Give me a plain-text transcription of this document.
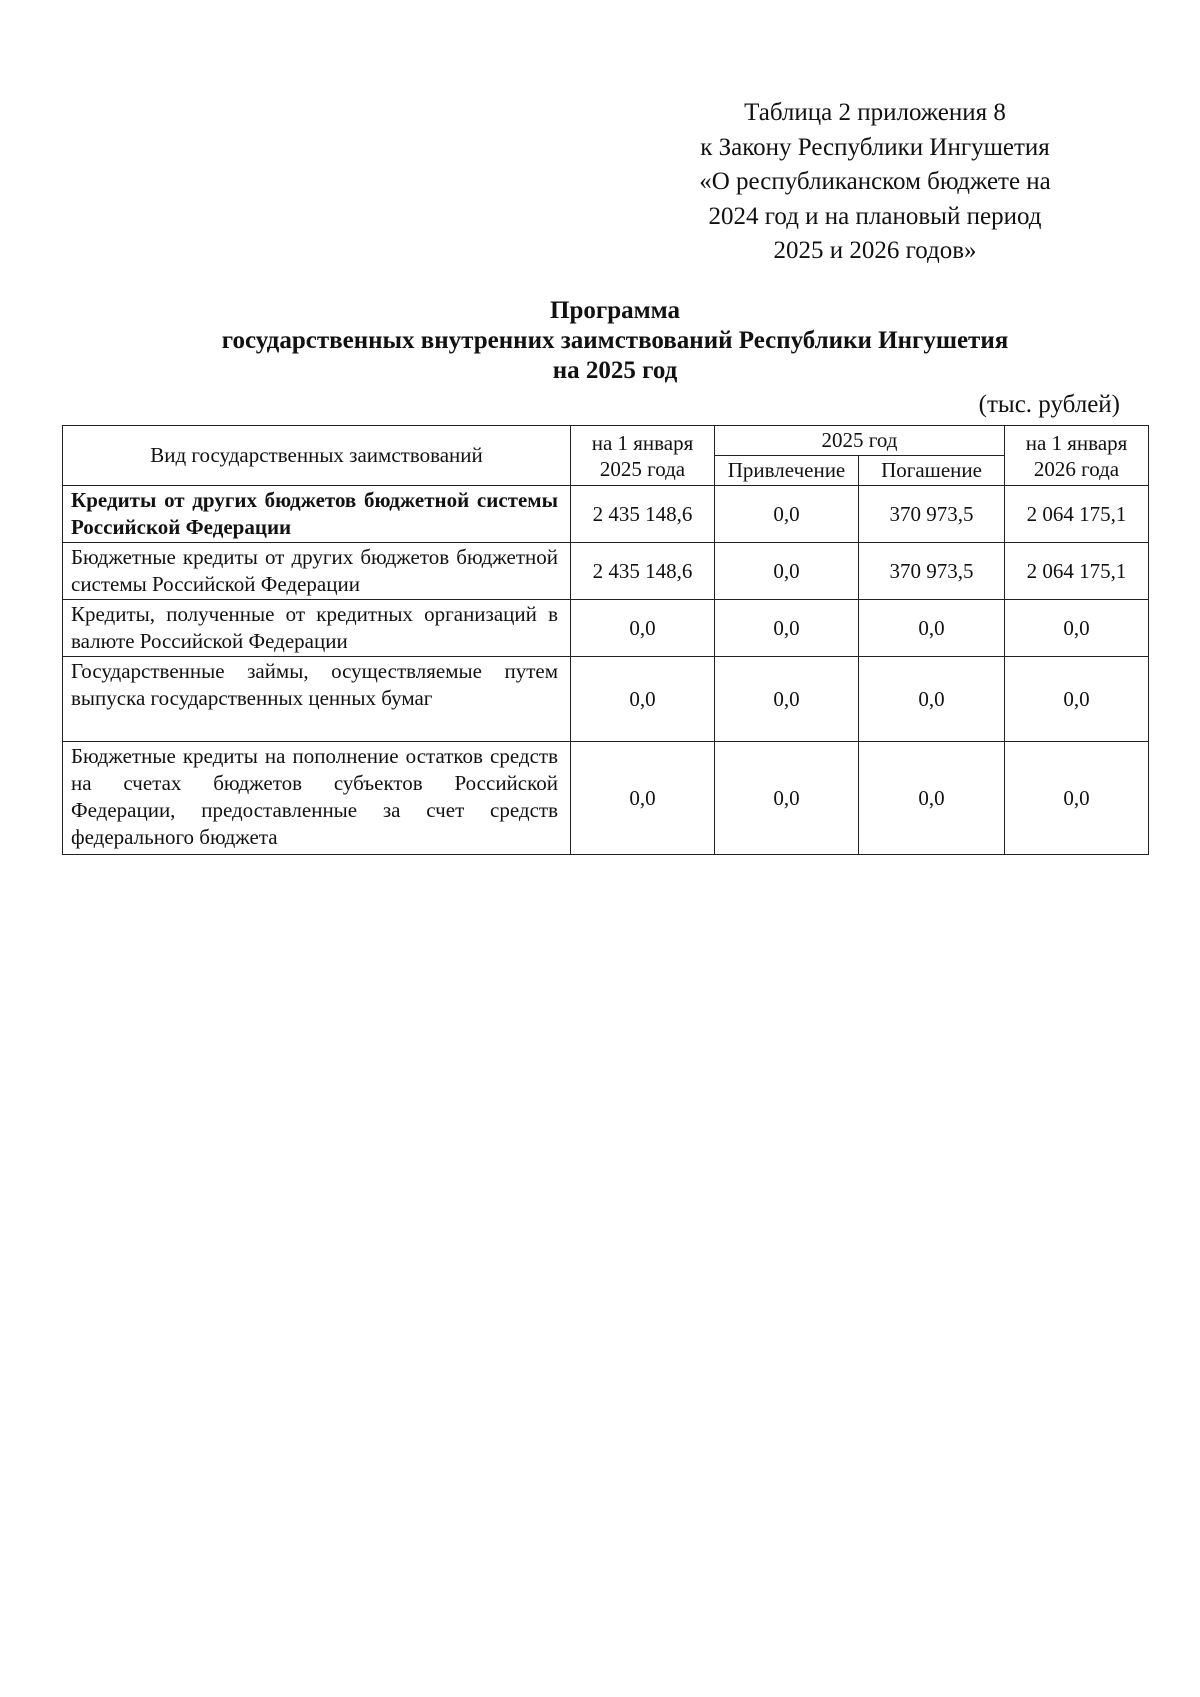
Таблица 2 приложения 8
к Закону Республики Ингушетия
«О республиканском бюджете на
2024 год и на плановый период
2025 и 2026 годов»
Программа
государственных внутренних заимствований Республики Ингушетия
на 2025 год
(тыс. рублей)
Вид государственных заимствований	на 1 января 2025 года	2025 год		на 1 января 2026 года
		Привлечение	Погашение	
Кредиты от других бюджетов бюджетной системы Российской Федерации	2 435 148,6	0,0	370 973,5	2 064 175,1
Бюджетные кредиты от других бюджетов бюджетной системы Российской Федерации	2 435 148,6	0,0	370 973,5	2 064 175,1
Кредиты, полученные от кредитных организаций в валюте Российской Федерации	0,0	0,0	0,0	0,0
Государственные займы, осуществляемые путем выпуска государственных ценных бумаг	0,0	0,0	0,0	0,0
Бюджетные кредиты на пополнение остатков средств на счетах бюджетов субъектов Российской Федерации, предоставленные за счет средств федерального бюджета	0,0	0,0	0,0	0,0
